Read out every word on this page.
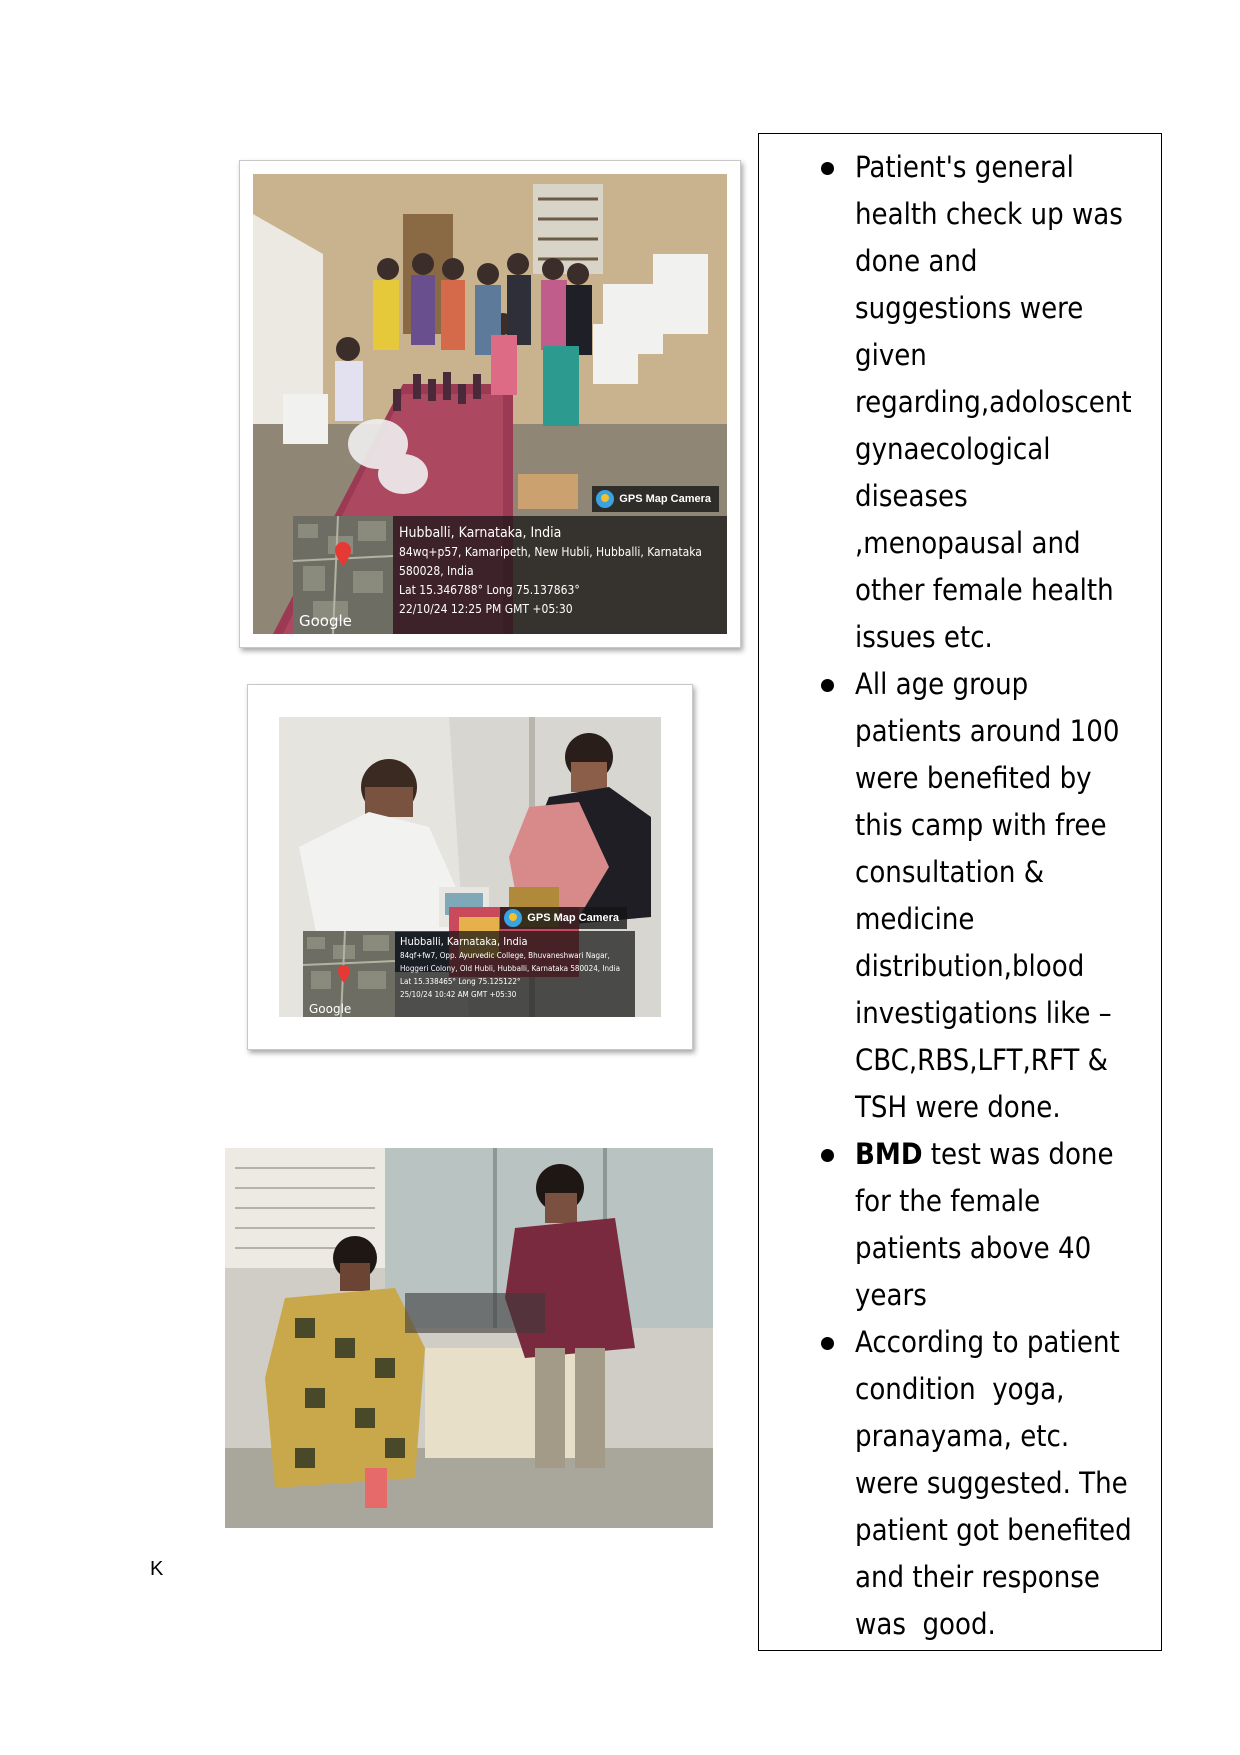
GPS Map Camera
Google
Hubballi, Karnataka, India
84wq+p57, Kamaripeth, New Hubli, Hubballi, Karnataka
580028, India
Lat 15.346788° Long 75.137863°
22/10/24 12:25 PM GMT +05:30
GPS Map Camera
Google
Hubballi, Karnataka, India
84qf+fw7, Opp. Ayurvedic College, Bhuvaneshwari Nagar,
Hoggeri Colony, Old Hubli, Hubballi, Karnataka 580024, India
Lat 15.338465° Long 75.125122°
25/10/24 10:42 AM GMT +05:30
Patient's general
health check up was
done and
suggestions were
given
regarding,adoloscent
gynaecological
diseases
,menopausal and
other female health
issues etc.
All age group
patients around 100
were benefited by
this camp with free
consultation &
medicine
distribution,blood
investigations like –
CBC,RBS,LFT,RFT &
TSH were done.
BMD test was done
for the female
patients above 40
years
According to patient
condition  yoga,
pranayama, etc.
were suggested. The
patient got benefited
and their response
was  good.
K
